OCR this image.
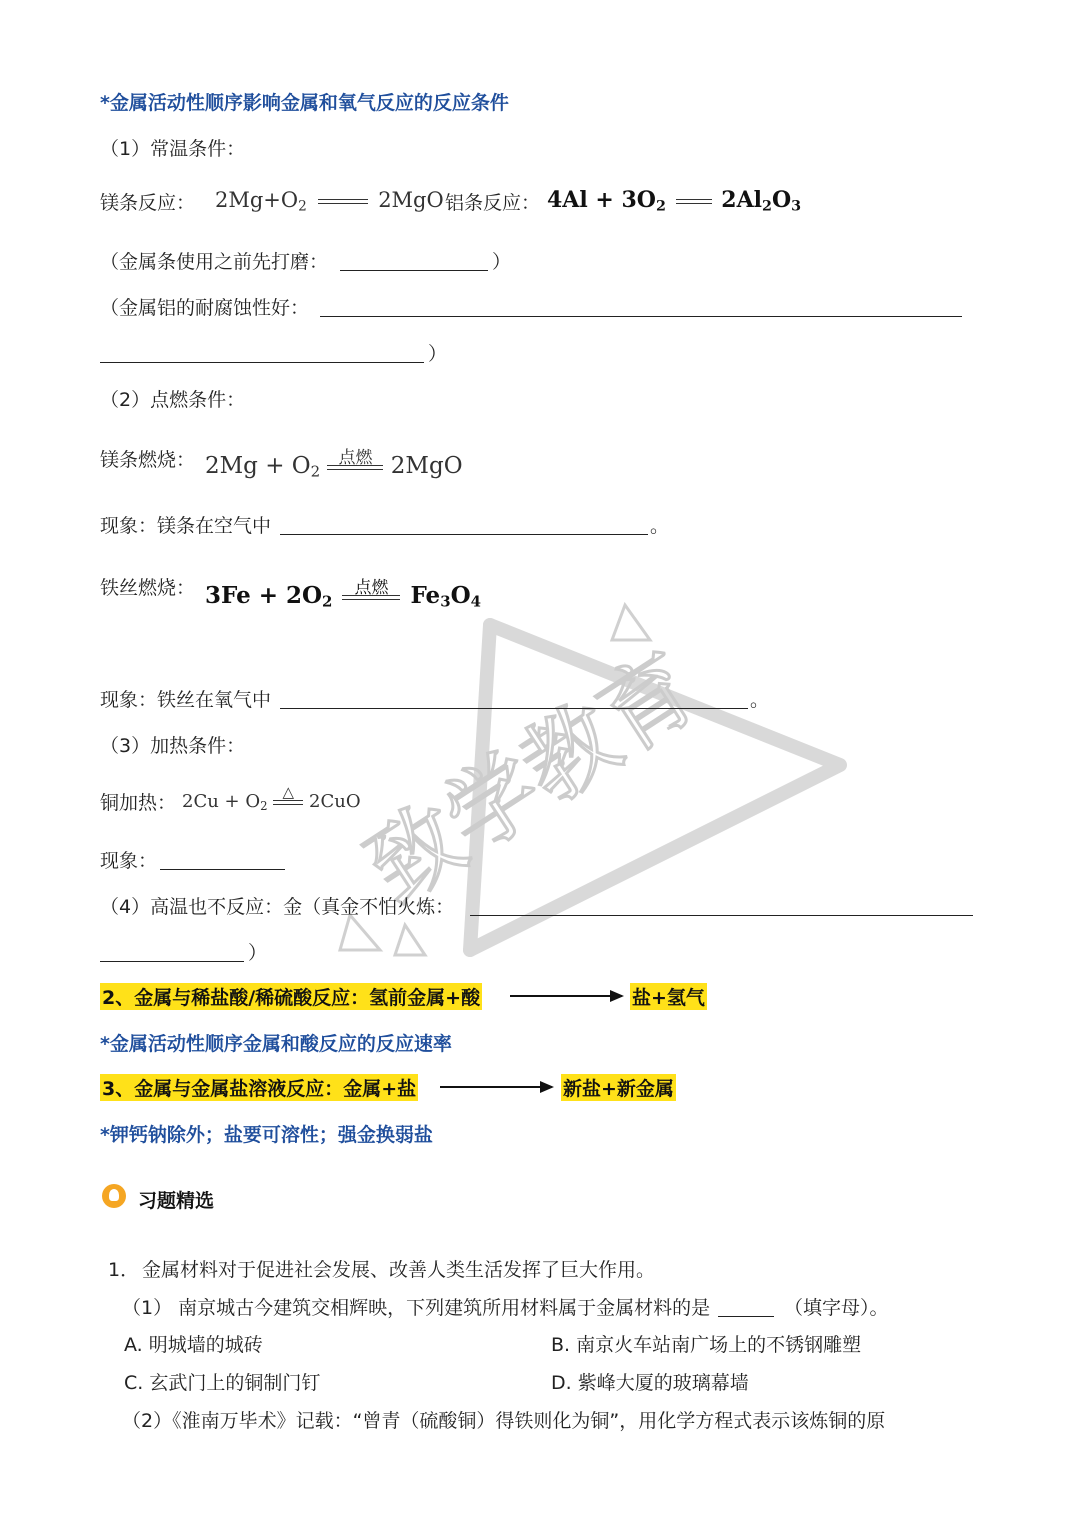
致学教育
*金属活动性顺序影响金属和氧气反应的反应条件
（1）常温条件：
镁条反应： $2Mg+O_2$	2MgO 铝条反应： $4Al + 3O_2$	$2Al_2O_3$
（金属条使用之前先打磨：	）
（金属铝的耐腐蚀性好：
）
（2）点燃条件：
镁条燃烧： $2Mg + O_2$
点燃 2MgO
现象：镁条在空气中	。
铁丝燃烧： $3Fe + 2O_2$
点燃 $Fe_3O_4$
现象：铁丝在氧气中	。
（3）加热条件：
铜加热： $2Cu + O_2$
△ 2CuO
现象：
（4）高温也不反应：金（真金不怕火炼：
）
2、金属与稀盐酸/稀硫酸反应：氢前金属+酸	盐+氢气
*金属活动性顺序金属和酸反应的反应速率
3、金属与金属盐溶液反应：金属+盐	新盐+新金属
*钾钙钠除外；盐要可溶性；强金换弱盐
习题精选
1． 金属材料对于促进社会发展、改善人类生活发挥了巨大作用。
（1） 南京城古今建筑交相辉映，下列建筑所用材料属于金属材料的是	（填字母）。
A. 明城墙的城砖	B. 南京火车站南广场上的不锈钢雕塑
C. 玄武门上的铜制门钉	D. 紫峰大厦的玻璃幕墙
（2）《淮南万毕术》记载：“曾青（硫酸铜）得铁则化为铜”，用化学方程式表示该炼铜的原
